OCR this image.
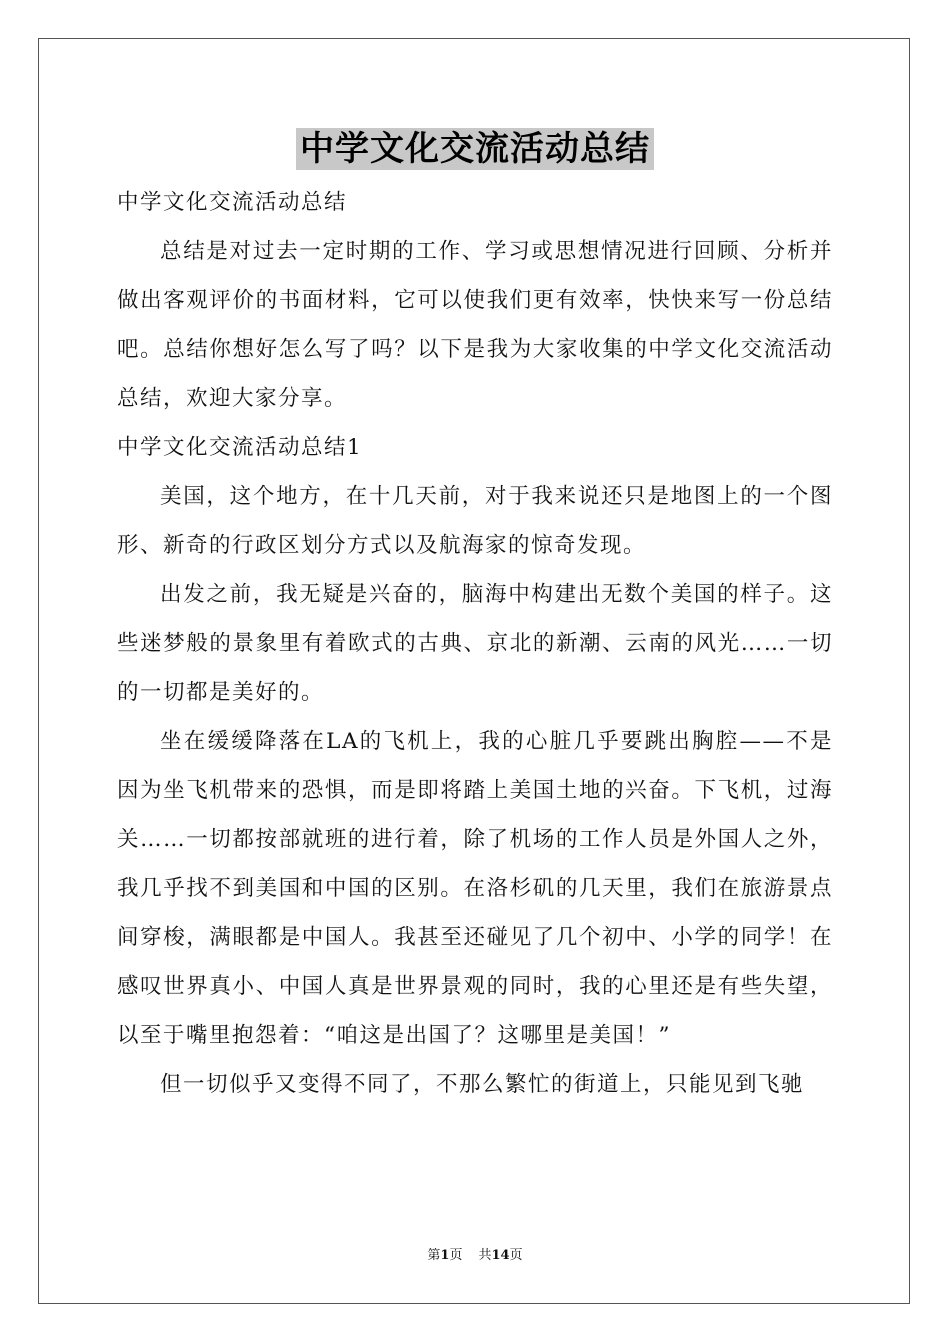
中学文化交流活动总结

中学文化交流活动总结

总结是对过去一定时期的工作、学习或思想情况进行回顾、分析并做出客观评价的书面材料，它可以使我们更有效率，快快来写一份总结吧。总结你想好怎么写了吗？以下是我为大家收集的中学文化交流活动总结，欢迎大家分享。

中学文化交流活动总结1

美国，这个地方，在十几天前，对于我来说还只是地图上的一个图形、新奇的行政区划分方式以及航海家的惊奇发现。

出发之前，我无疑是兴奋的，脑海中构建出无数个美国的样子。这些迷梦般的景象里有着欧式的古典、京北的新潮、云南的风光……一切的一切都是美好的。

坐在缓缓降落在LA的飞机上，我的心脏几乎要跳出胸腔——不是因为坐飞机带来的恐惧，而是即将踏上美国土地的兴奋。下飞机，过海关……一切都按部就班的进行着，除了机场的工作人员是外国人之外，我几乎找不到美国和中国的区别。在洛杉矶的几天里，我们在旅游景点间穿梭，满眼都是中国人。我甚至还碰见了几个初中、小学的同学！在感叹世界真小、中国人真是世界景观的同时，我的心里还是有些失望，以至于嘴里抱怨着：“咱这是出国了？这哪里是美国！”

但一切似乎又变得不同了，不那么繁忙的街道上，只能见到飞驰

第1页 共14页
